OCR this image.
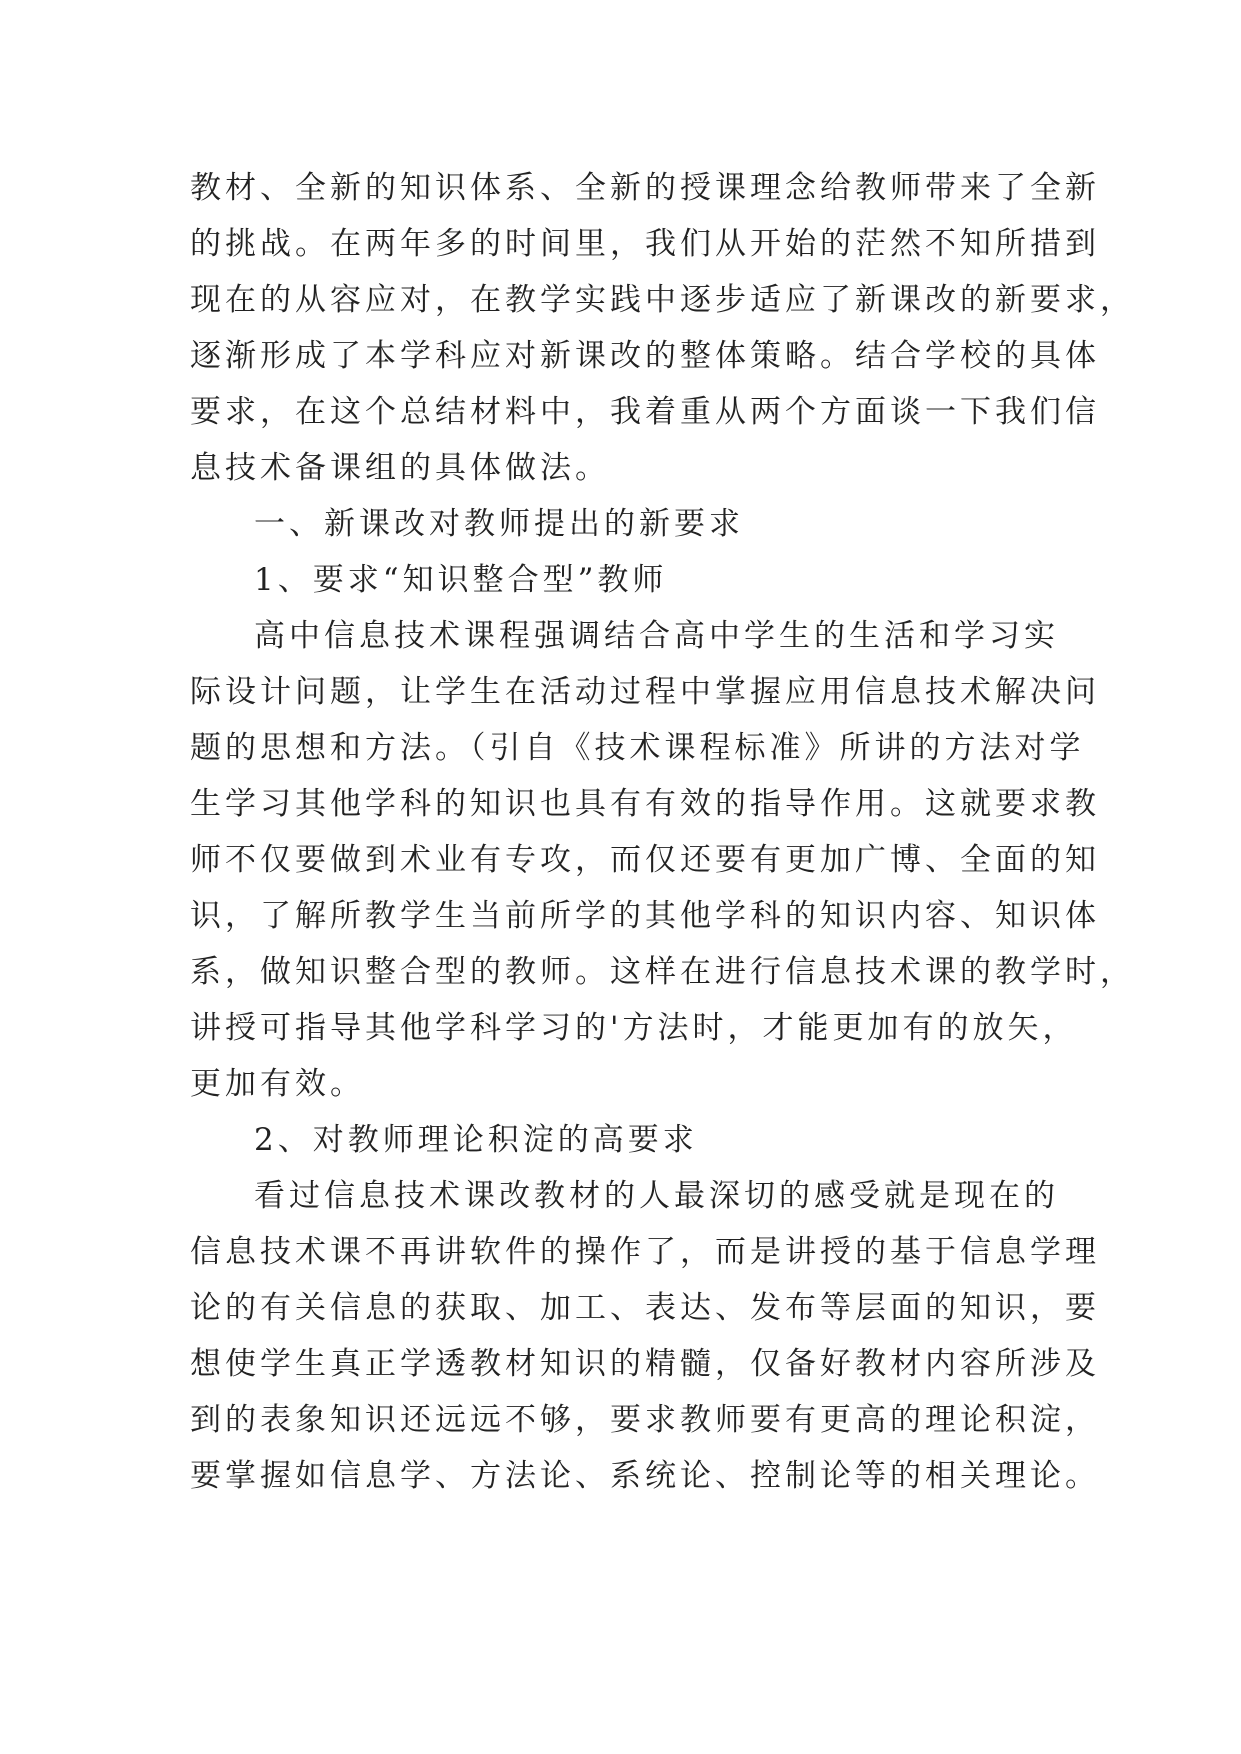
教材、全新的知识体系、全新的授课理念给教师带来了全新
的挑战。在两年多的时间里，我们从开始的茫然不知所措到
现在的从容应对，在教学实践中逐步适应了新课改的新要求，
逐渐形成了本学科应对新课改的整体策略。结合学校的具体
要求，在这个总结材料中，我着重从两个方面谈一下我们信
息技术备课组的具体做法。
一、新课改对教师提出的新要求
1、要求“知识整合型”教师
高中信息技术课程强调结合高中学生的生活和学习实
际设计问题，让学生在活动过程中掌握应用信息技术解决问
题的思想和方法。（引自《技术课程标准》所讲的方法对学
生学习其他学科的知识也具有有效的指导作用。这就要求教
师不仅要做到术业有专攻，而仅还要有更加广博、全面的知
识，了解所教学生当前所学的其他学科的知识内容、知识体
系，做知识整合型的教师。这样在进行信息技术课的教学时，
讲授可指导其他学科学习的'方法时，才能更加有的放矢，
更加有效。
2、对教师理论积淀的高要求
看过信息技术课改教材的人最深切的感受就是现在的
信息技术课不再讲软件的操作了，而是讲授的基于信息学理
论的有关信息的获取、加工、表达、发布等层面的知识，要
想使学生真正学透教材知识的精髓，仅备好教材内容所涉及
到的表象知识还远远不够，要求教师要有更高的理论积淀，
要掌握如信息学、方法论、系统论、控制论等的相关理论。
